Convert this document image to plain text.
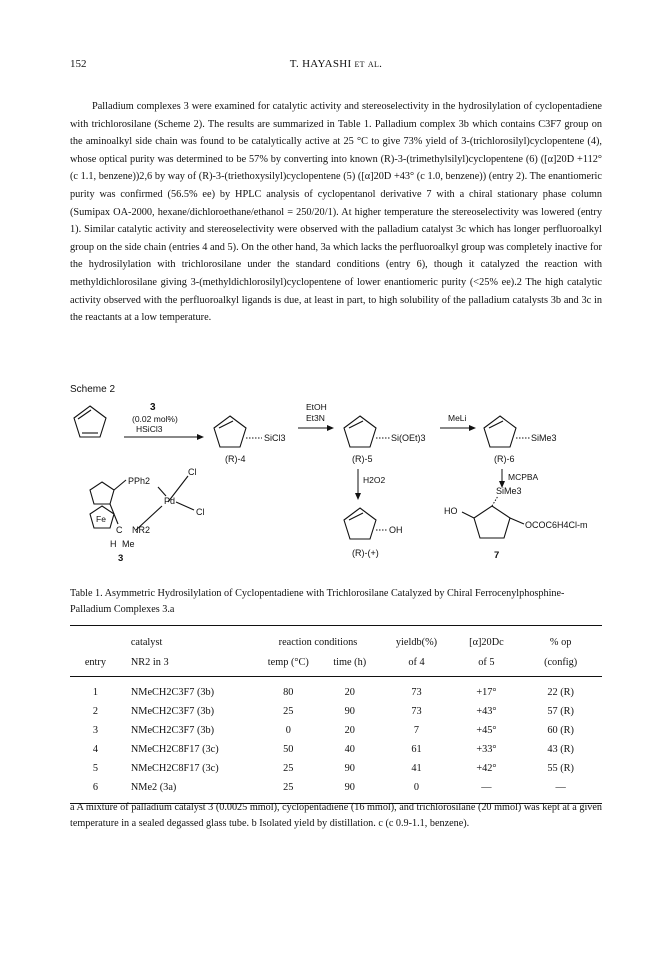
152	T. HAYASHI et al.

Palladium complexes 3 were examined for catalytic activity and stereoselectivity in the hydrosilylation of cyclopentadiene with trichlorosilane (Scheme 2). The results are summarized in Table 1. Palladium complex 3b which contains C3F7 group on the aminoalkyl side chain was found to be catalytically active at 25 °C to give 73% yield of 3-(trichlorosilyl)cyclopentene (4), whose optical purity was determined to be 57% by converting into known (R)-3-(trimethylsilyl)cyclopentene (6) ([α]20D +112° (c 1.1, benzene))2,6 by way of (R)-3-(triethoxysilyl)cyclopentene (5) ([α]20D +43° (c 1.0, benzene)) (entry 2). The enantiomeric purity was confirmed (56.5% ee) by HPLC analysis of cyclopentanol derivative 7 with a chiral stationary phase column (Sumipax OA-2000, hexane/dichloroethane/ethanol = 250/20/1). At higher temperature the stereoselectivity was lowered (entry 1). Similar catalytic activity and stereoselectivity were observed with the palladium catalyst 3c which has longer perfluoroalkyl group on the side chain (entries 4 and 5). On the other hand, 3a which lacks the perfluoroalkyl group was completely inactive for the hydrosilylation with trichlorosilane under the standard conditions (entry 6), though it catalyzed the reaction with methyldichlorosilane giving 3-(methyldichlorosilyl)cyclopentene of lower enantiomeric purity (<25% ee).2 The high catalytic activity observed with the perfluoroalkyl ligands is due, at least in part, to high solubility of the palladium catalysts 3b and 3c in the reactants at a low temperature.

Scheme 2
3
(0.02 mol%)
HSiCl3
SiCl3
(R)-4
EtOH
Et3N
Si(OEt)3
(R)-5
MeLi
SiMe3
(R)-6
MCPBA
H2O2
OH
(R)-(+)
SiMe3
HO
OCOC6H4Cl-m
7
Fe
PPh2
Pd
Cl
Cl
C NR2
H Me
3
Table 1. Asymmetric Hydrosilylation of Cyclopentadiene with Trichlorosilane Catalyzed by Chiral Ferrocenylphosphine-Palladium Complexes 3.a
	catalyst	reaction conditions		yieldb(%)	[α]20Dc	% op
entry	NR2 in 3	temp (°C)	time (h)	of 4	of 5	(config)
1	NMeCH2C3F7 (3b)	80	20	73	+17°	22 (R)
2	NMeCH2C3F7 (3b)	25	90	73	+43°	57 (R)
3	NMeCH2C3F7 (3b)	0	20	7	+45°	60 (R)
4	NMeCH2C8F17 (3c)	50	40	61	+33°	43 (R)
5	NMeCH2C8F17 (3c)	25	90	41	+42°	55 (R)
6	NMe2 (3a)	25	90	0	—	—
a A mixture of palladium catalyst 3 (0.0025 mmol), cyclopentadiene (16 mmol), and trichlorosilane (20 mmol) was kept at a given temperature in a sealed degassed glass tube. b Isolated yield by distillation. c (c 0.9-1.1, benzene).
